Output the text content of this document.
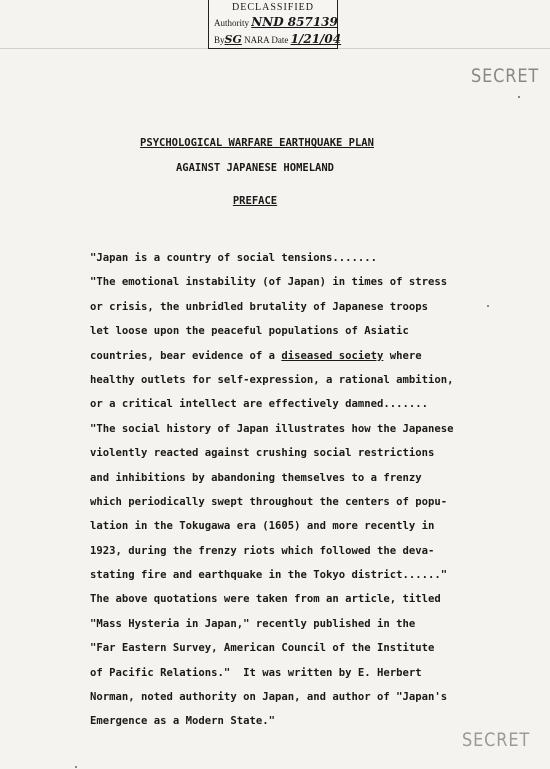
DECLASSIFIED
Authority NND 857139
BySG NARA Date 1/21/04
SECRET
PSYCHOLOGICAL WARFARE EARTHQUAKE PLAN
AGAINST JAPANESE HOMELAND
PREFACE
"Japan is a country of social tensions.......
"The emotional instability (of Japan) in times of stress
or crisis, the unbridled brutality of Japanese troops
let loose upon the peaceful populations of Asiatic
countries, bear evidence of a diseased society where
healthy outlets for self-expression, a rational ambition,
or a critical intellect are effectively damned.......
"The social history of Japan illustrates how the Japanese
violently reacted against crushing social restrictions
and inhibitions by abandoning themselves to a frenzy
which periodically swept throughout the centers of popu-
lation in the Tokugawa era (1605) and more recently in
1923, during the frenzy riots which followed the deva-
stating fire and earthquake in the Tokyo district......"
The above quotations were taken from an article, titled
"Mass Hysteria in Japan," recently published in the
"Far Eastern Survey, American Council of the Institute
of Pacific Relations."  It was written by E. Herbert
Norman, noted authority on Japan, and author of "Japan's
Emergence as a Modern State."
SECRET
